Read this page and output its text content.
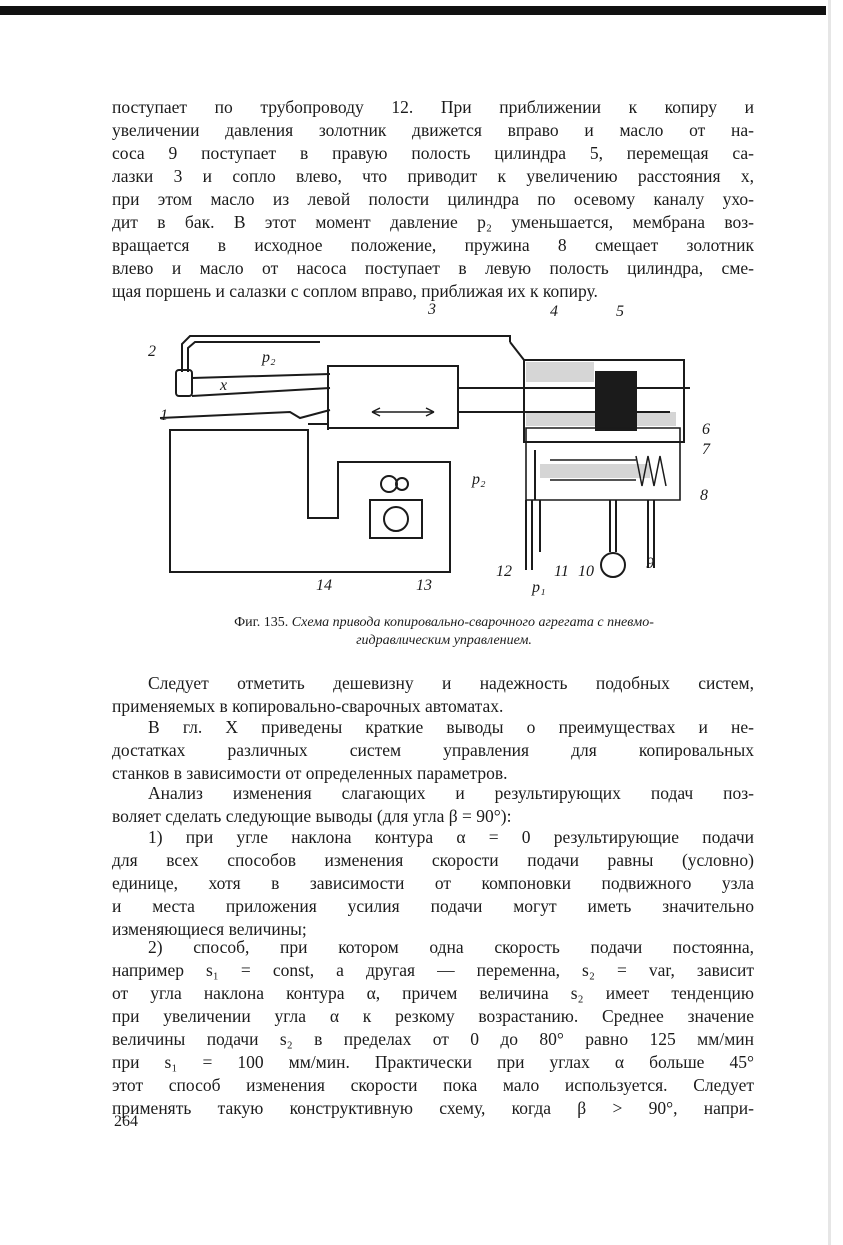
поступает по трубопроводу 12. При приближении к копиру и
увеличении давления золотник движется вправо и масло от на-
соса 9 поступает в правую полость цилиндра 5, перемещая са-
лазки 3 и сопло влево, что приводит к увеличению расстояния x,
при этом масло из левой полости цилиндра по осевому каналу ухо-
дит в бак. В этот момент давление p₂ уменьшается, мембрана воз-
вращается в исходное положение, пружина 8 смещает золотник
влево и масло от насоса поступает в левую полость цилиндра, сме-
щая поршень и салазки с соплом вправо, приближая их к копиру.
2	p₂
x
1
3	4	5
6
7
8
p₂
12
p₁
11 10	9
14	13
Фиг. 135. Схема привода копировально-сварочного агрегата с пневмо-
гидравлическим управлением.
Следует отметить дешевизну и надежность подобных систем,
применяемых в копировально-сварочных автоматах.
В гл. X приведены краткие выводы о преимуществах и не-
достатках различных систем управления для копировальных
станков в зависимости от определенных параметров.
Анализ изменения слагающих и результирующих подач поз-
воляет сделать следующие выводы (для угла β = 90°):
1) при угле наклона контура α = 0 результирующие подачи
для всех способов изменения скорости подачи равны (условно)
единице, хотя в зависимости от компоновки подвижного узла
и места приложения усилия подачи могут иметь значительно
изменяющиеся величины;
2) способ, при котором одна скорость подачи постоянна,
например s₁ = const, а другая — переменна, s₂ = var, зависит
от угла наклона контура α, причем величина s₂ имеет тенденцию
при увеличении угла α к резкому возрастанию. Среднее значение
величины подачи s₂ в пределах от 0 до 80° равно 125 мм/мин
при s₁ = 100 мм/мин. Практически при углах α больше 45°
этот способ изменения скорости пока мало используется. Следует
применять такую конструктивную схему, когда β > 90°, напри-
264
